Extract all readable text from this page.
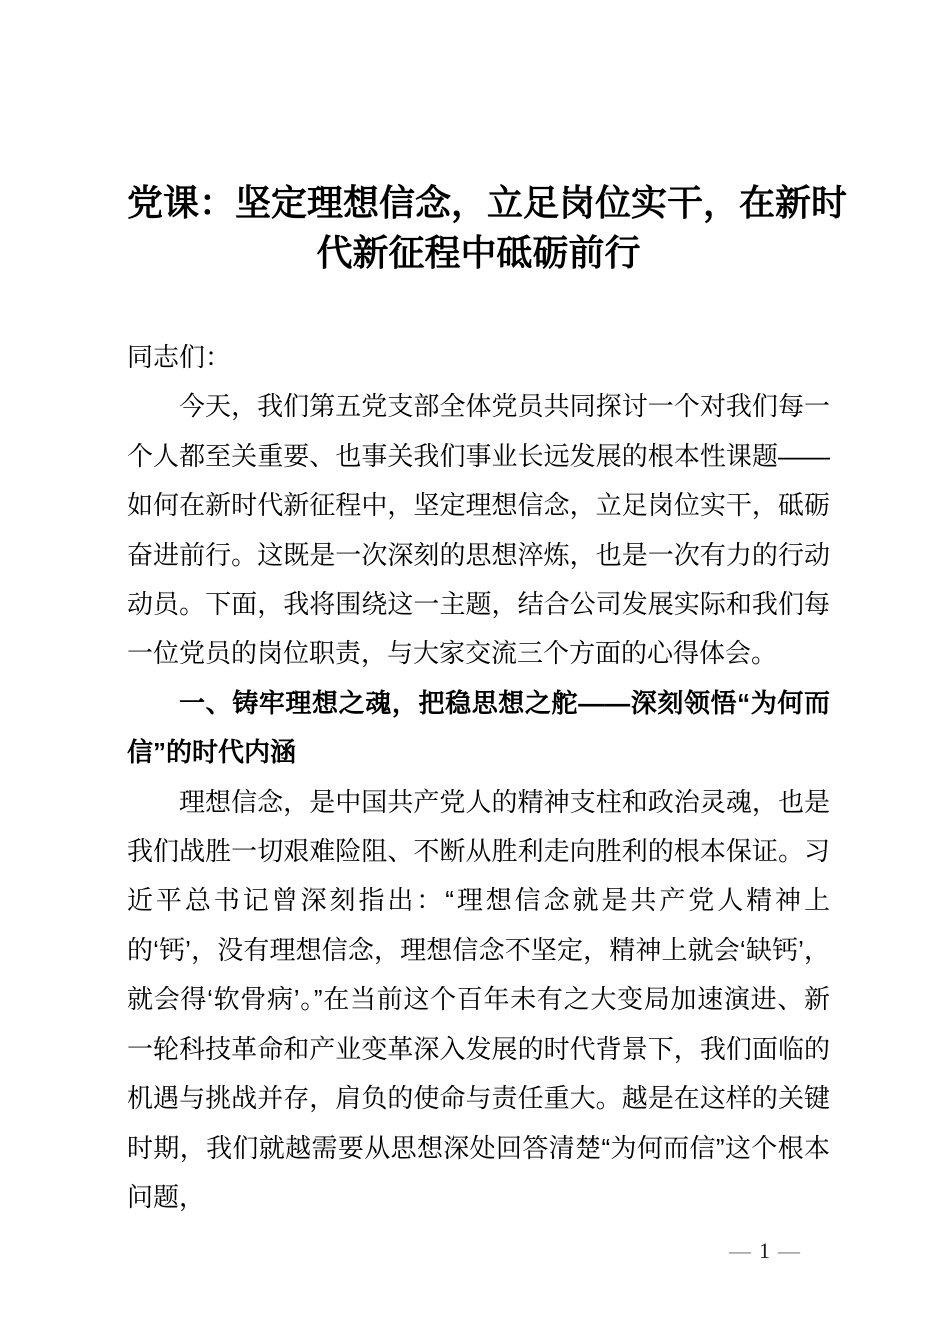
党课：坚定理想信念，立足岗位实干，在新时
代新征程中砥砺前行

同志们：

今天，我们第五党支部全体党员共同探讨一个对我们每一个人都至关重要、也事关我们事业长远发展的根本性课题——如何在新时代新征程中，坚定理想信念，立足岗位实干，砥砺奋进前行。这既是一次深刻的思想淬炼，也是一次有力的行动动员。下面，我将围绕这一主题，结合公司发展实际和我们每一位党员的岗位职责，与大家交流三个方面的心得体会。

一、铸牢理想之魂，把稳思想之舵——深刻领悟“为何而信”的时代内涵

理想信念，是中国共产党人的精神支柱和政治灵魂，也是我们战胜一切艰难险阻、不断从胜利走向胜利的根本保证。习近平总书记曾深刻指出：“理想信念就是共产党人精神上的‘钙’，没有理想信念，理想信念不坚定，精神上就会‘缺钙’，就会得‘软骨病’。”在当前这个百年未有之大变局加速演进、新一轮科技革命和产业变革深入发展的时代背景下，我们面临的机遇与挑战并存，肩负的使命与责任重大。越是在这样的关键时期，我们就越需要从思想深处回答清楚“为何而信”这个根本问题，

— 1 —
